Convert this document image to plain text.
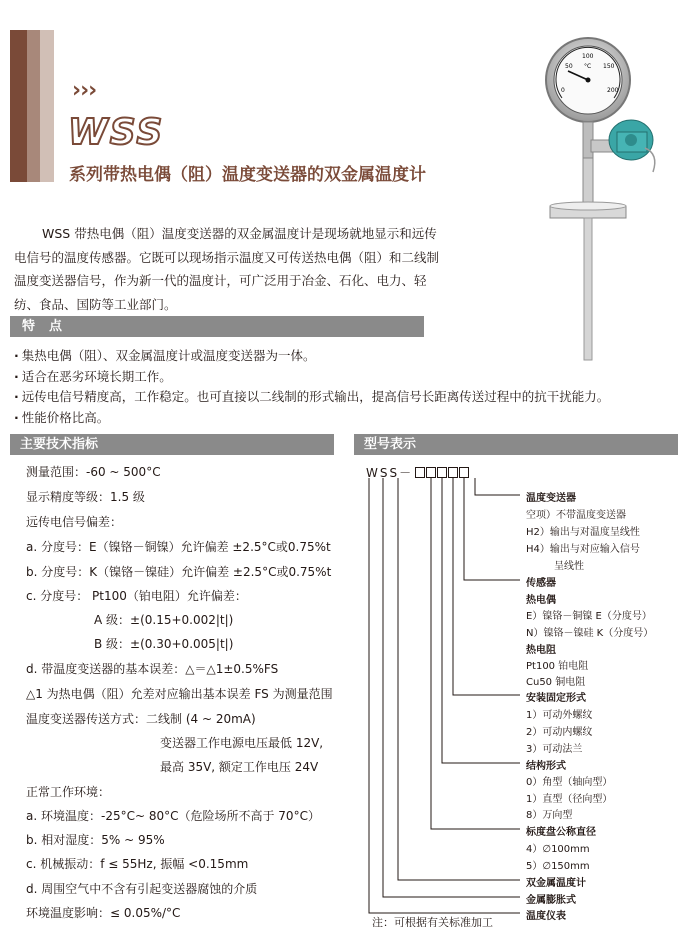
›››
WSS
系列带热电偶（阻）温度变送器的双金属温度计
0
50
100
150
200
°C

WSS 带热电偶（阻）温度变送器的双金属温度计是现场就地显示和远传电信号的温度传感器。它既可以现场指示温度又可传送热电偶（阻）和二线制温度变送器信号，作为新一代的温度计，可广泛用于冶金、石化、电力、轻纺、食品、国防等工业部门。

特点
· 集热电偶（阻）、双金属温度计或温度变送器为一体。
· 适合在恶劣环境长期工作。
· 远传电信号精度高，工作稳定。也可直接以二线制的形式输出，提高信号长距离传送过程中的抗干扰能力。
· 性能价格比高。
主要技术指标	型号表示
测量范围：-60 ~ 500°C
显示精度等级：1.5 级
远传电信号偏差：
a. 分度号：E（镍铬－铜镍）允许偏差 ±2.5°C或0.75%t
b. 分度号：K（镍铬－镍硅）允许偏差 ±2.5°C或0.75%t
c. 分度号： Pt100（铂电阻）允许偏差：
A 级：±(0.15+0.002|t|)
B 级：±(0.30+0.005|t|)
d. 带温度变送器的基本误差：△＝△1±0.5%FS
△1 为热电偶（阻）允差对应输出基本误差 FS 为测量范围
温度变送器传送方式：二线制 (4 ~ 20mA)
变送器工作电源电压最低 12V,
最高 35V, 额定工作电压 24V
正常工作环境：
a. 环境温度：-25°C~ 80°C（危险场所不高于 70°C）
b. 相对湿度：5% ~ 95%
c. 机械振动：f ≤ 55Hz, 振幅 <0.15mm
d. 周围空气中不含有引起变送器腐蚀的介质
环境温度影响：≤ 0.05%/°C
WSS－
温度变送器
空项）不带温度变送器
H2）输出与对温度呈线性
H4）输出与对应输入信号
呈线性
传感器
热电偶
E）镍铬－铜镍 E（分度号）
N）镍铬－镍硅 K（分度号）
热电阻
Pt100 铂电阻
Cu50 铜电阻
安装固定形式
1）可动外螺纹
2）可动内螺纹
3）可动法兰
结构形式
0）角型（轴向型）
1）直型（径向型）
8）万向型
标度盘公称直径
4）∅100mm
5）∅150mm
双金属温度计
金属膨胀式
温度仪表
注：可根据有关标准加工
